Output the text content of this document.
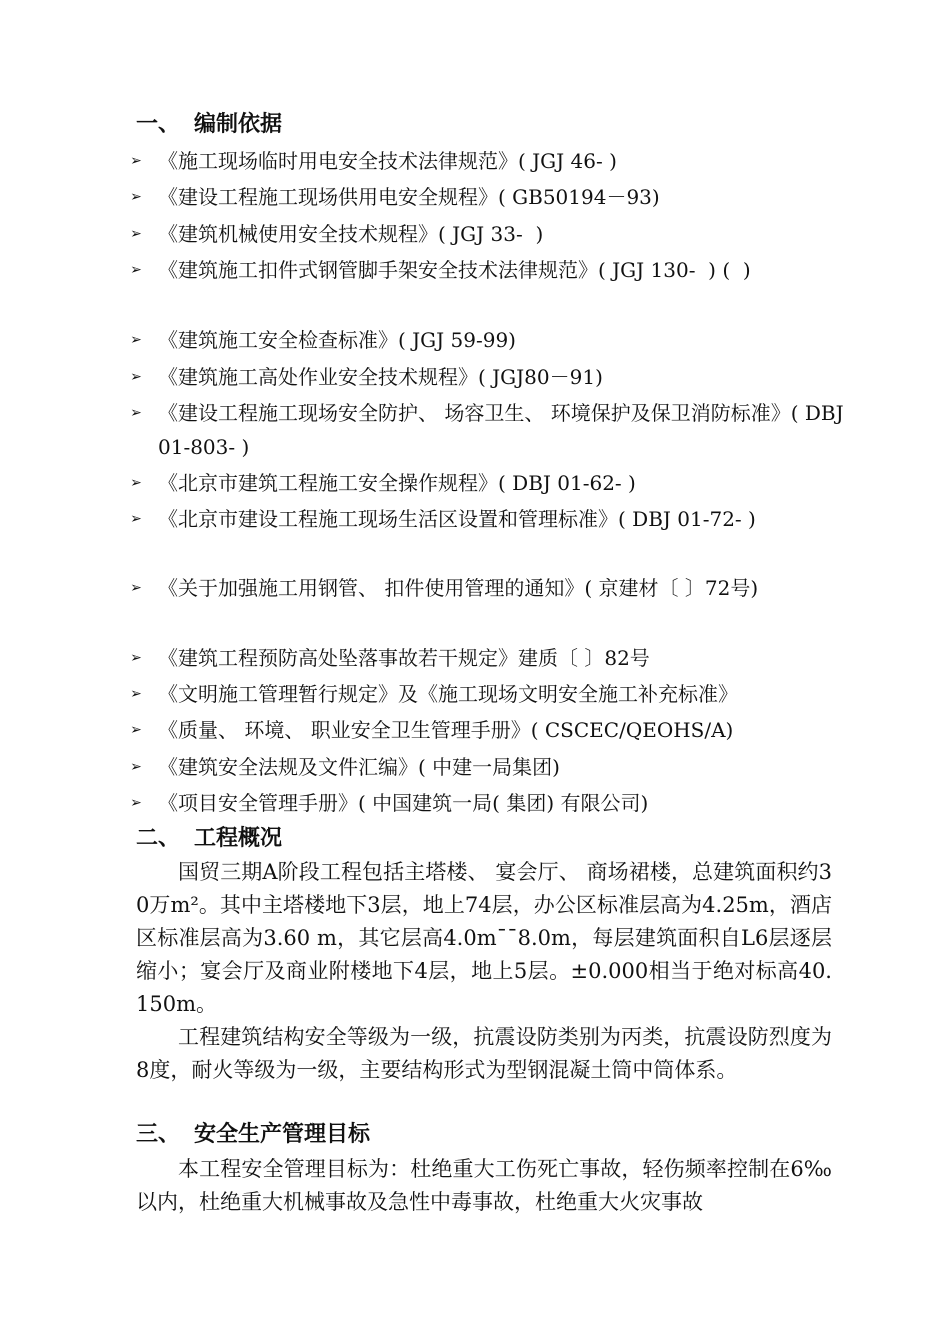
一、 编制依据
➢ 《施工现场临时用电安全技术法律规范》( JGJ 46- )
➢ 《建设工程施工现场供用电安全规程》( GB50194－93)
➢ 《建筑机械使用安全技术规程》( JGJ 33-  )
➢ 《建筑施工扣件式钢管脚手架安全技术法律规范》( JGJ 130-  ) (  )
➢ 《建筑施工安全检查标准》( JGJ 59-99)
➢ 《建筑施工高处作业安全技术规程》( JGJ80－91)
➢ 《建设工程施工现场安全防护、 场容卫生、 环境保护及保卫消防标准》( DBJ 01-803- )
➢ 《北京市建筑工程施工安全操作规程》( DBJ 01-62- )
➢ 《北京市建设工程施工现场生活区设置和管理标准》( DBJ 01-72- )
➢ 《关于加强施工用钢管、 扣件使用管理的通知》( 京建材〔 〕72号)
➢ 《建筑工程预防高处坠落事故若干规定》建质〔 〕82号
➢ 《文明施工管理暂行规定》及《施工现场文明安全施工补充标准》
➢ 《质量、 环境、 职业安全卫生管理手册》( CSCEC/QEOHS/A)
➢ 《建筑安全法规及文件汇编》( 中建一局集团)
➢ 《项目安全管理手册》( 中国建筑一局( 集团) 有限公司)
二、 工程概况
国贸三期A阶段工程包括主塔楼、 宴会厅、 商场裙楼，总建筑面积约30万m²。其中主塔楼地下3层，地上74层，办公区标准层高为4.25m，酒店区标准层高为3.60 m，其它层高4.0m¯¯8.0m，每层建筑面积自L6层逐层缩小；宴会厅及商业附楼地下4层，地上5层。±0.000相当于绝对标高40.150m。
工程建筑结构安全等级为一级，抗震设防类别为丙类，抗震设防烈度为8度，耐火等级为一级，主要结构形式为型钢混凝土筒中筒体系。
三、 安全生产管理目标
本工程安全管理目标为：杜绝重大工伤死亡事故，轻伤频率控制在6‰以内，杜绝重大机械事故及急性中毒事故，杜绝重大火灾事故
